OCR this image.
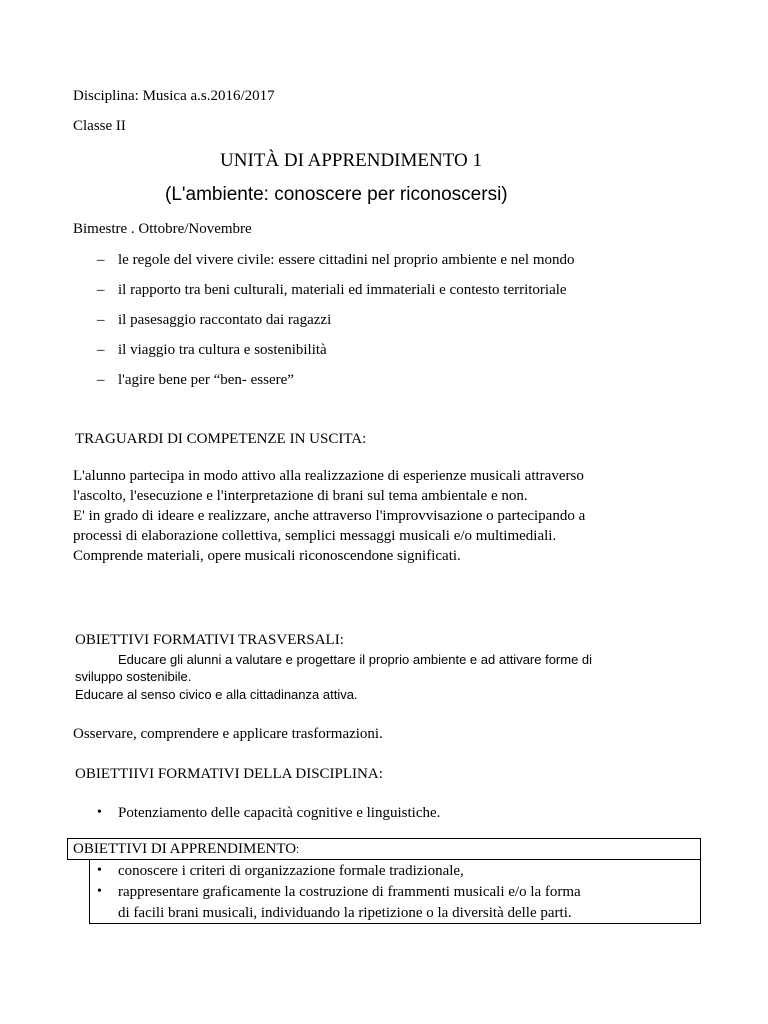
Disciplina: Musica a.s.2016/2017
Classe II
UNITÀ DI APPRENDIMENTO 1
(L'ambiente: conoscere per riconoscersi)
Bimestre . Ottobre/Novembre
– le regole del vivere civile: essere cittadini nel proprio ambiente e nel mondo
– il rapporto tra beni culturali, materiali ed immateriali e contesto territoriale
– il pasesaggio raccontato dai ragazzi
– il viaggio tra cultura e sostenibilità
– l'agire bene per “ben- essere”
TRAGUARDI DI COMPETENZE IN USCITA:
L'alunno partecipa in modo attivo alla realizzazione di esperienze musicali attraverso
l'ascolto, l'esecuzione e l'interpretazione di brani sul tema ambientale e non.
E' in grado di ideare e realizzare, anche attraverso l'improvvisazione o partecipando a
processi di elaborazione collettiva, semplici messaggi musicali e/o multimediali.
Comprende materiali, opere musicali riconoscendone significati.
OBIETTIVI FORMATIVI TRASVERSALI:
Educare gli alunni a valutare e progettare il proprio ambiente e ad attivare forme di
sviluppo sostenibile.
Educare al senso civico e alla cittadinanza attiva.
Osservare, comprendere e applicare trasformazioni.
OBIETTIIVI FORMATIVI DELLA DISCIPLINA:
• Potenziamento delle capacità cognitive e linguistiche.
OBIETTIVI DI APPRENDIMENTO:
• conoscere i criteri di organizzazione formale tradizionale,
• rappresentare graficamente la costruzione di frammenti musicali e/o la forma
di facili brani musicali, individuando la ripetizione o la diversità delle parti.
